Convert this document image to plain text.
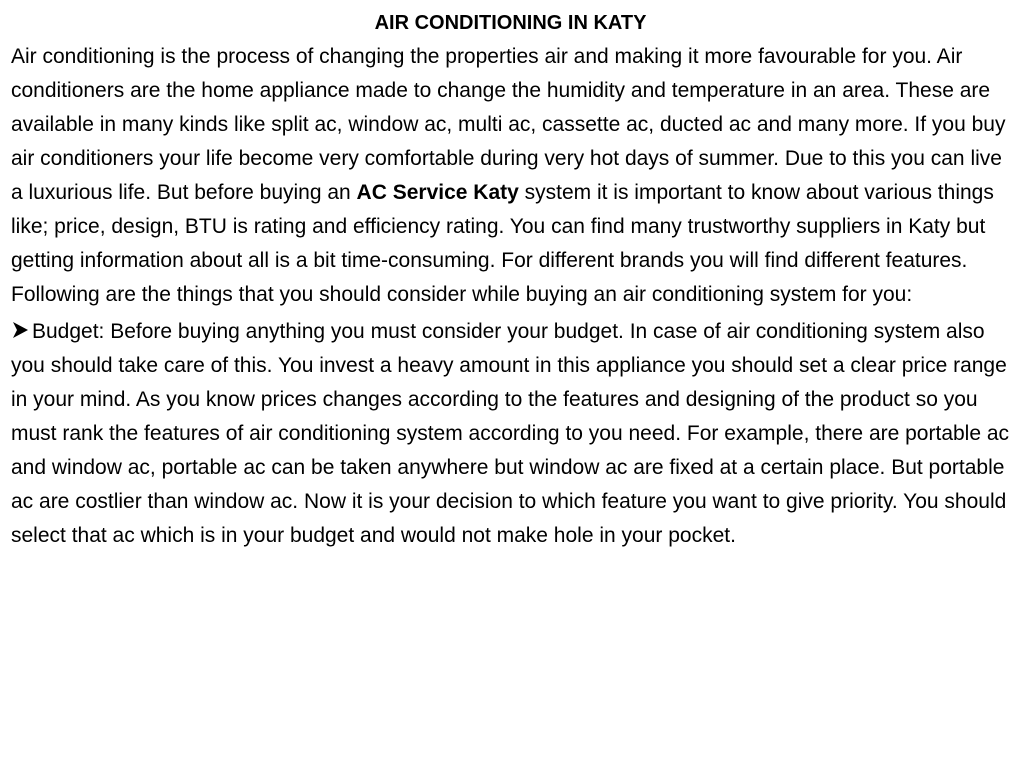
AIR CONDITIONING IN KATY

Air conditioning is the process of changing the properties air and making it more favourable for you. Air conditioners are the home appliance made to change the humidity and temperature in an area. These are available in many kinds like split ac, window ac, multi ac, cassette ac, ducted ac and many more. If you buy air conditioners your life become very comfortable during very hot days of summer. Due to this you can live a luxurious life. But before buying an AC Service Katy system it is important to know about various things like; price, design, BTU is rating and efficiency rating. You can find many trustworthy suppliers in Katy but getting information about all is a bit time-consuming. For different brands you will find different features. Following are the things that you should consider while buying an air conditioning system for you:

Budget: Before buying anything you must consider your budget. In case of air conditioning system also you should take care of this. You invest a heavy amount in this appliance you should set a clear price range in your mind. As you know prices changes according to the features and designing of the product so you must rank the features of air conditioning system according to you need. For example, there are portable ac and window ac, portable ac can be taken anywhere but window ac are fixed at a certain place. But portable ac are costlier than window ac. Now it is your decision to which feature you want to give priority. You should select that ac which is in your budget and would not make hole in your pocket.
